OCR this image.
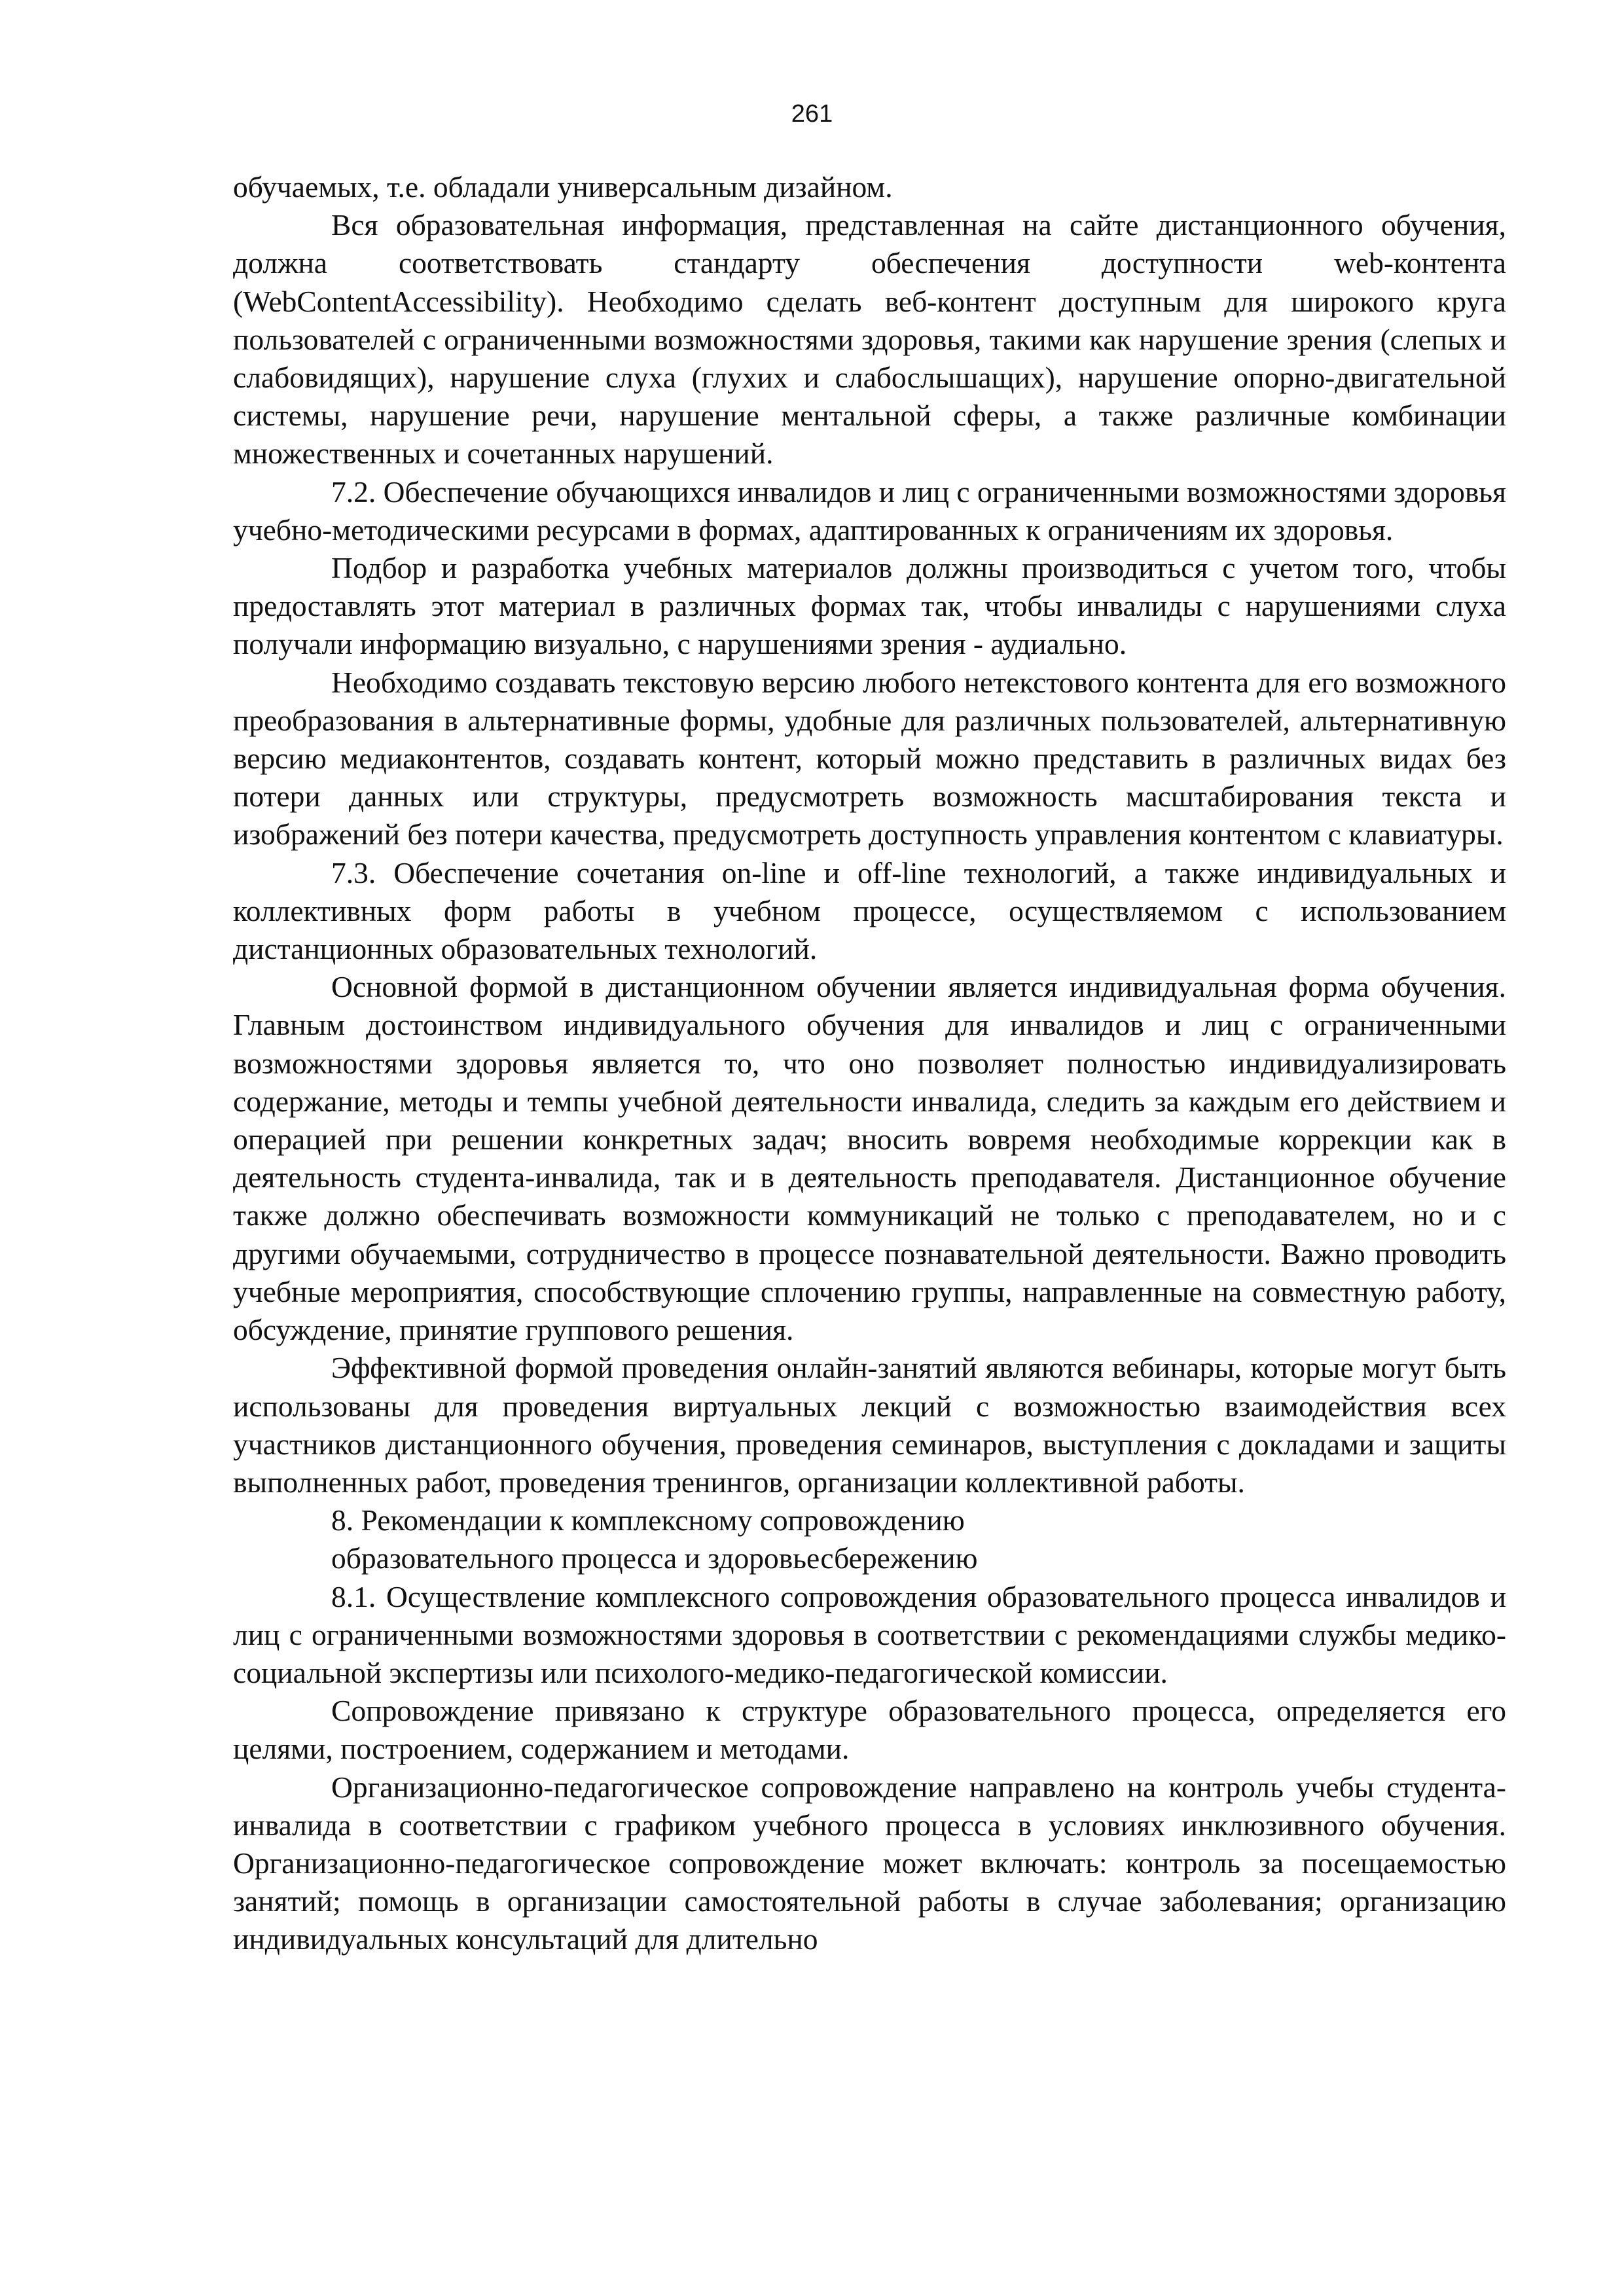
261

обучаемых, т.е. обладали универсальным дизайном.

Вся образовательная информация, представленная на сайте дистанционного обучения, должна соответствовать стандарту обеспечения доступности web-контента (WebContentAccessibility). Необходимо сделать веб-контент доступным для широкого круга пользователей с ограниченными возможностями здоровья, такими как нарушение зрения (слепых и слабовидящих), нарушение слуха (глухих и слабослышащих), нарушение опорно-двигательной системы, нарушение речи, нарушение ментальной сферы, а также различные комбинации множественных и сочетанных нарушений.

7.2. Обеспечение обучающихся инвалидов и лиц с ограниченными возможностями здоровья учебно-методическими ресурсами в формах, адаптированных к ограничениям их здоровья.

Подбор и разработка учебных материалов должны производиться с учетом того, чтобы предоставлять этот материал в различных формах так, чтобы инвалиды с нарушениями слуха получали информацию визуально, с нарушениями зрения - аудиально.

Необходимо создавать текстовую версию любого нетекстового контента для его возможного преобразования в альтернативные формы, удобные для различных пользователей, альтернативную версию медиаконтентов, создавать контент, который можно представить в различных видах без потери данных или структуры, предусмотреть возможность масштабирования текста и изображений без потери качества, предусмотреть доступность управления контентом с клавиатуры.

7.3. Обеспечение сочетания on-line и off-line технологий, а также индивидуальных и коллективных форм работы в учебном процессе, осуществляемом с использованием дистанционных образовательных технологий.

Основной формой в дистанционном обучении является индивидуальная форма обучения. Главным достоинством индивидуального обучения для инвалидов и лиц с ограниченными возможностями здоровья является то, что оно позволяет полностью индивидуализировать содержание, методы и темпы учебной деятельности инвалида, следить за каждым его действием и операцией при решении конкретных задач; вносить вовремя необходимые коррекции как в деятельность студента-инвалида, так и в деятельность преподавателя. Дистанционное обучение также должно обеспечивать возможности коммуникаций не только с преподавателем, но и с другими обучаемыми, сотрудничество в процессе познавательной деятельности. Важно проводить учебные мероприятия, способствующие сплочению группы, направленные на совместную работу, обсуждение, принятие группового решения.

Эффективной формой проведения онлайн-занятий являются вебинары, которые могут быть использованы для проведения виртуальных лекций с возможностью взаимодействия всех участников дистанционного обучения, проведения семинаров, выступления с докладами и защиты выполненных работ, проведения тренингов, организации коллективной работы.

8. Рекомендации к комплексному сопровождению

образовательного процесса и здоровьесбережению

8.1. Осуществление комплексного сопровождения образовательного процесса инвалидов и лиц с ограниченными возможностями здоровья в соответствии с рекомендациями службы медико-социальной экспертизы или психолого-медико-педагогической комиссии.

Сопровождение привязано к структуре образовательного процесса, определяется его целями, построением, содержанием и методами.

Организационно-педагогическое сопровождение направлено на контроль учебы студента-инвалида в соответствии с графиком учебного процесса в условиях инклюзивного обучения. Организационно-педагогическое сопровождение может включать: контроль за посещаемостью занятий; помощь в организации самостоятельной работы в случае заболевания; организацию индивидуальных консультаций для длительно
